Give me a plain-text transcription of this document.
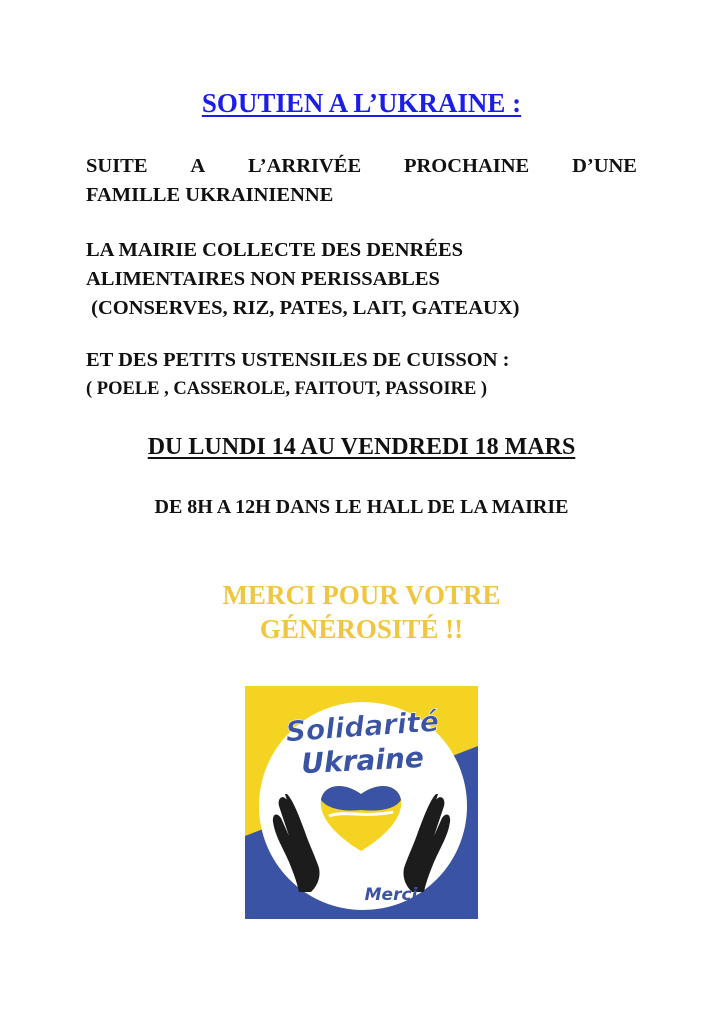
SOUTIEN A L’UKRAINE :
SUITE A L’ARRIVÉE PROCHAINE D’UNE
FAMILLE UKRAINIENNE
LA MAIRIE COLLECTE DES DENRÉES
ALIMENTAIRES NON PERISSABLES
(CONSERVES, RIZ, PATES, LAIT, GATEAUX)
ET DES PETITS USTENSILES DE CUISSON :
( POELE , CASSEROLE, FAITOUT, PASSOIRE )
DU LUNDI 14 AU VENDREDI 18 MARS
DE 8H A 12H DANS LE HALL DE LA MAIRIE
MERCI POUR VOTRE
GÉNÉROSITÉ !!
Solidarité
Ukraine
Merci
